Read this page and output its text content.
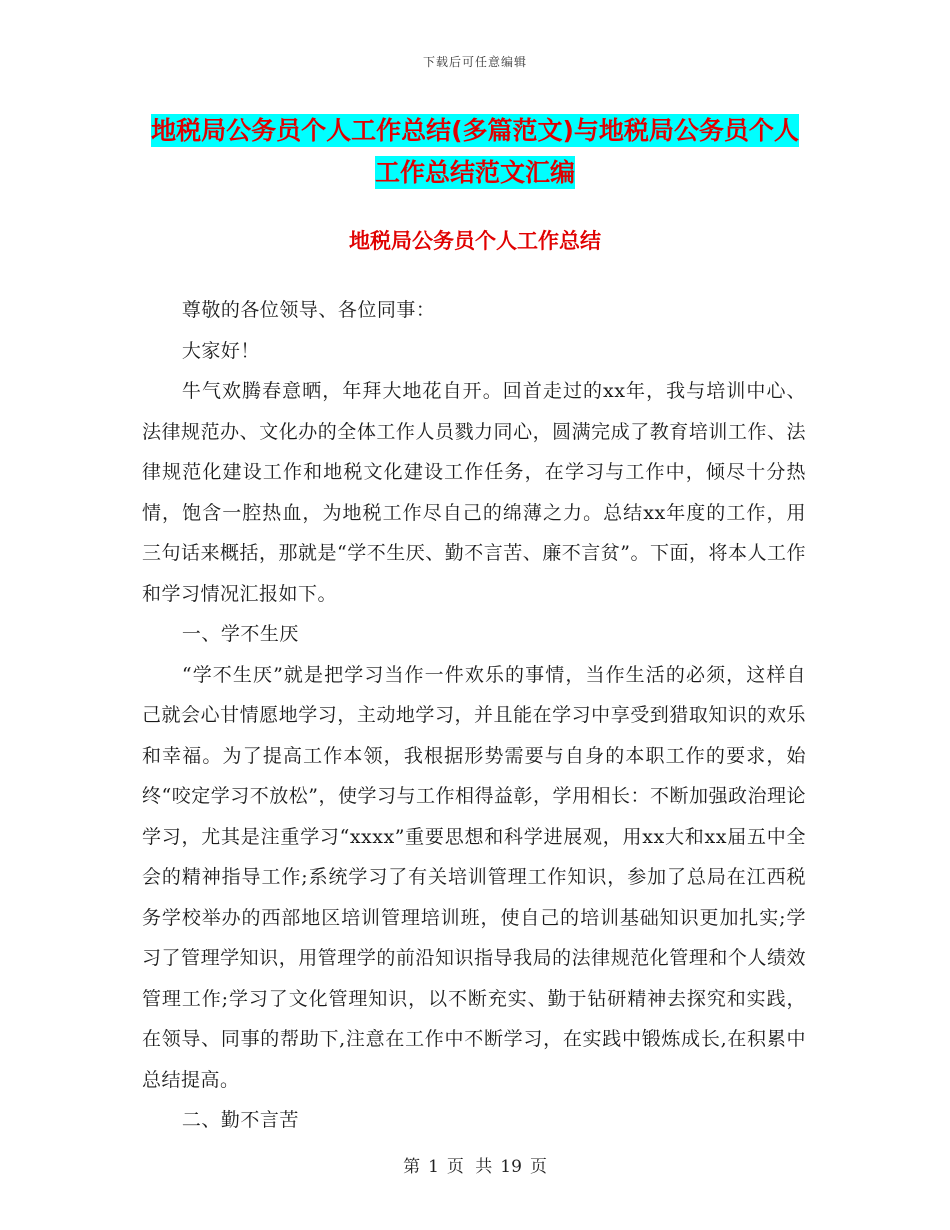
下载后可任意编辑
地税局公务员个人工作总结(多篇范文)与地税局公务员个人工作总结范文汇编
地税局公务员个人工作总结

尊敬的各位领导、各位同事：

大家好！

牛气欢腾春意晒，年拜大地花自开。回首走过的xx年，我与培训中心、法律规范办、文化办的全体工作人员戮力同心，圆满完成了教育培训工作、法律规范化建设工作和地税文化建设工作任务，在学习与工作中，倾尽十分热情，饱含一腔热血，为地税工作尽自己的绵薄之力。总结xx年度的工作，用三句话来概括，那就是“学不生厌、勤不言苦、廉不言贫”。下面，将本人工作和学习情况汇报如下。

一、学不生厌

“学不生厌”就是把学习当作一件欢乐的事情，当作生活的必须，这样自己就会心甘情愿地学习，主动地学习，并且能在学习中享受到猎取知识的欢乐和幸福。为了提高工作本领，我根据形势需要与自身的本职工作的要求，始终“咬定学习不放松”，使学习与工作相得益彰，学用相长：不断加强政治理论学习，尤其是注重学习“xxxx”重要思想和科学进展观，用xx大和xx届五中全会的精神指导工作;系统学习了有关培训管理工作知识，参加了总局在江西税务学校举办的西部地区培训管理培训班，使自己的培训基础知识更加扎实;学习了管理学知识，用管理学的前沿知识指导我局的法律规范化管理和个人绩效管理工作;学习了文化管理知识，以不断充实、勤于钻研精神去探究和实践，在领导、同事的帮助下,注意在工作中不断学习，在实践中锻炼成长,在积累中总结提高。

二、勤不言苦

第 1 页 共 19 页
